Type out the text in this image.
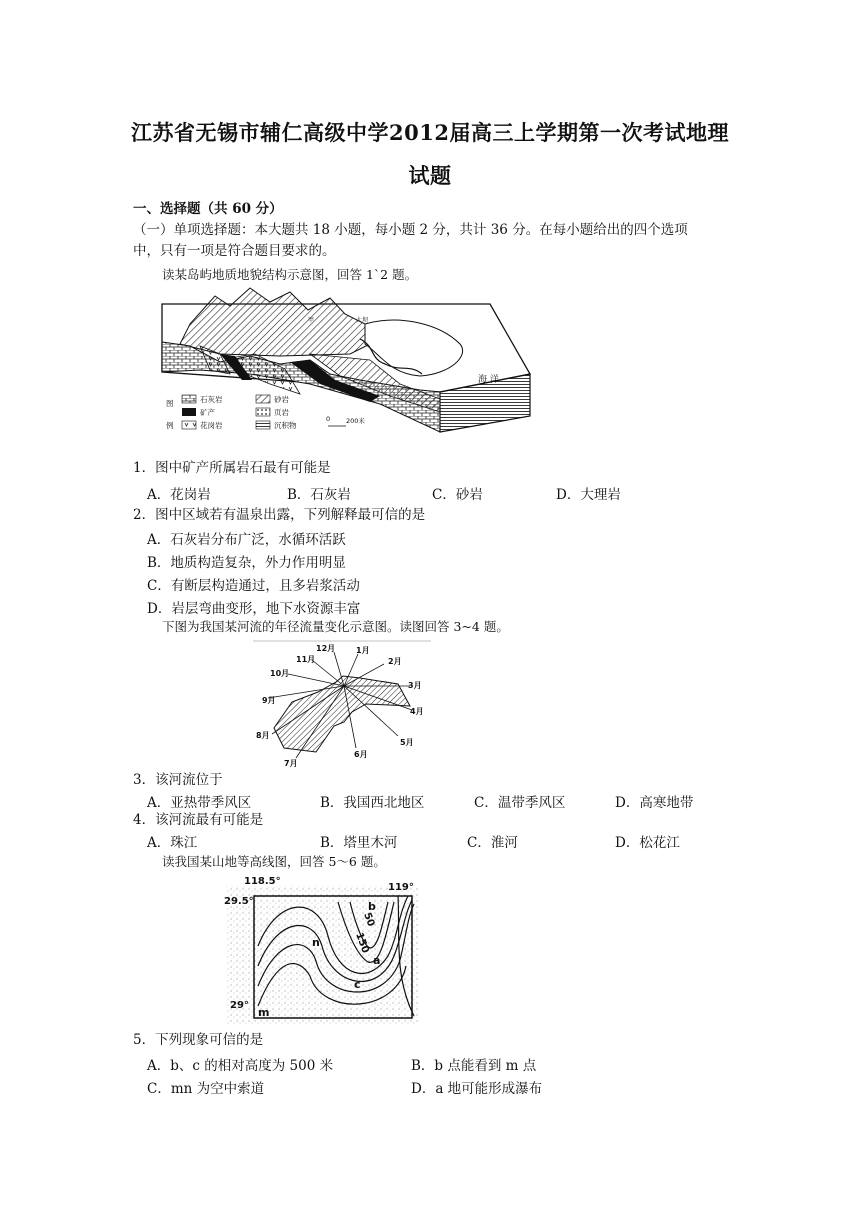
江苏省无锡市辅仁高级中学2012届高三上学期第一次考试地理
试题
一、选择题（共 60 分）
（一）单项选择题：本大题共 18 小题，每小题 2 分，共计 36 分。在每小题给出的四个选项
中，只有一项是符合题目要求的。
读某岛屿地质地貌结构示意图，回答 1`2 题。
甲	大坝
海 洋
图
例
石灰岩
矿产
花岗岩
砂岩
页岩
沉积物
0 200米
1．图中矿产所属岩石最有可能是
A．花岗岩	B．石灰岩	C．砂岩	D．大理岩
2．图中区域若有温泉出露，下列解释最可信的是
A．石灰岩分布广泛，水循环活跃
B．地质构造复杂，外力作用明显
C．有断层构造通过，且多岩浆活动
D．岩层弯曲变形，地下水资源丰富
下图为我国某河流的年径流量变化示意图。读图回答 3~4 题。
1月
2月
3月
4月
5月
6月
7月
8月
9月
10月
11月
12月
3．该河流位于
A．亚热带季风区	B．我国西北地区	C．温带季风区	D．高寒地带
4．该河流最有可能是
A．珠江	B．塔里木河	C．淮河	D．松花江
读我国某山地等高线图，回答 5～6 题。
118.5°
119°
29.5°
29°
50
150
b
a
c
n
m
5．下列现象可信的是
A．b、c 的相对高度为 500 米	B．b 点能看到 m 点
C．mn 为空中索道	D．a 地可能形成瀑布
